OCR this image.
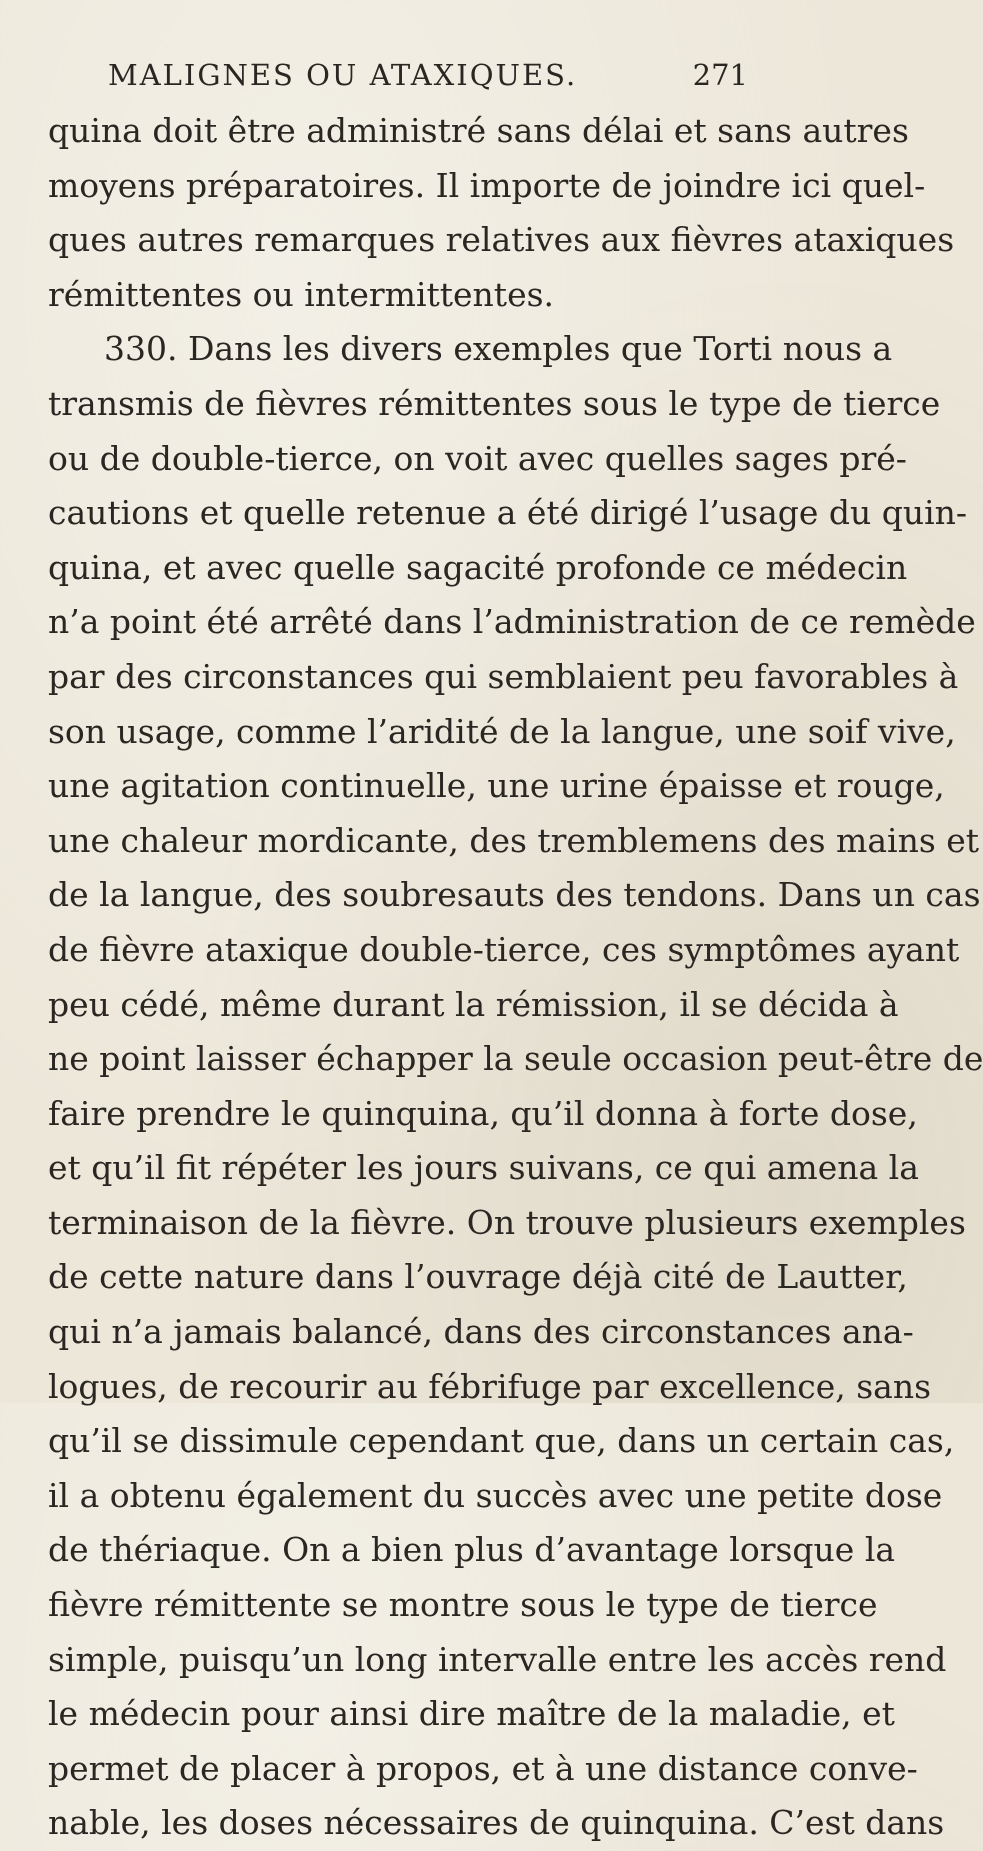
MALIGNES OU ATAXIQUES.	271
quina doit être administré sans délai et sans autres
moyens préparatoires. Il importe de joindre ici quel-
ques autres remarques relatives aux fièvres ataxiques
rémittentes ou intermittentes.
330. Dans les divers exemples que Torti nous a
transmis de fièvres rémittentes sous le type de tierce
ou de double-tierce, on voit avec quelles sages pré-
cautions et quelle retenue a été dirigé l’usage du quin-
quina, et avec quelle sagacité profonde ce médecin
n’a point été arrêté dans l’administration de ce remède
par des circonstances qui semblaient peu favorables à
son usage, comme l’aridité de la langue, une soif vive,
une agitation continuelle, une urine épaisse et rouge,
une chaleur mordicante, des tremblemens des mains et
de la langue, des soubresauts des tendons. Dans un cas
de fièvre ataxique double-tierce, ces symptômes ayant
peu cédé, même durant la rémission, il se décida à
ne point laisser échapper la seule occasion peut-être de
faire prendre le quinquina, qu’il donna à forte dose,
et qu’il fit répéter les jours suivans, ce qui amena la
terminaison de la fièvre. On trouve plusieurs exemples
de cette nature dans l’ouvrage déjà cité de Lautter,
qui n’a jamais balancé, dans des circonstances ana-
logues, de recourir au fébrifuge par excellence, sans
qu’il se dissimule cependant que, dans un certain cas,
il a obtenu également du succès avec une petite dose
de thériaque. On a bien plus d’avantage lorsque la
fièvre rémittente se montre sous le type de tierce
simple, puisqu’un long intervalle entre les accès rend
le médecin pour ainsi dire maître de la maladie, et
permet de placer à propos, et à une distance conve-
nable, les doses nécessaires de quinquina. C’est dans
